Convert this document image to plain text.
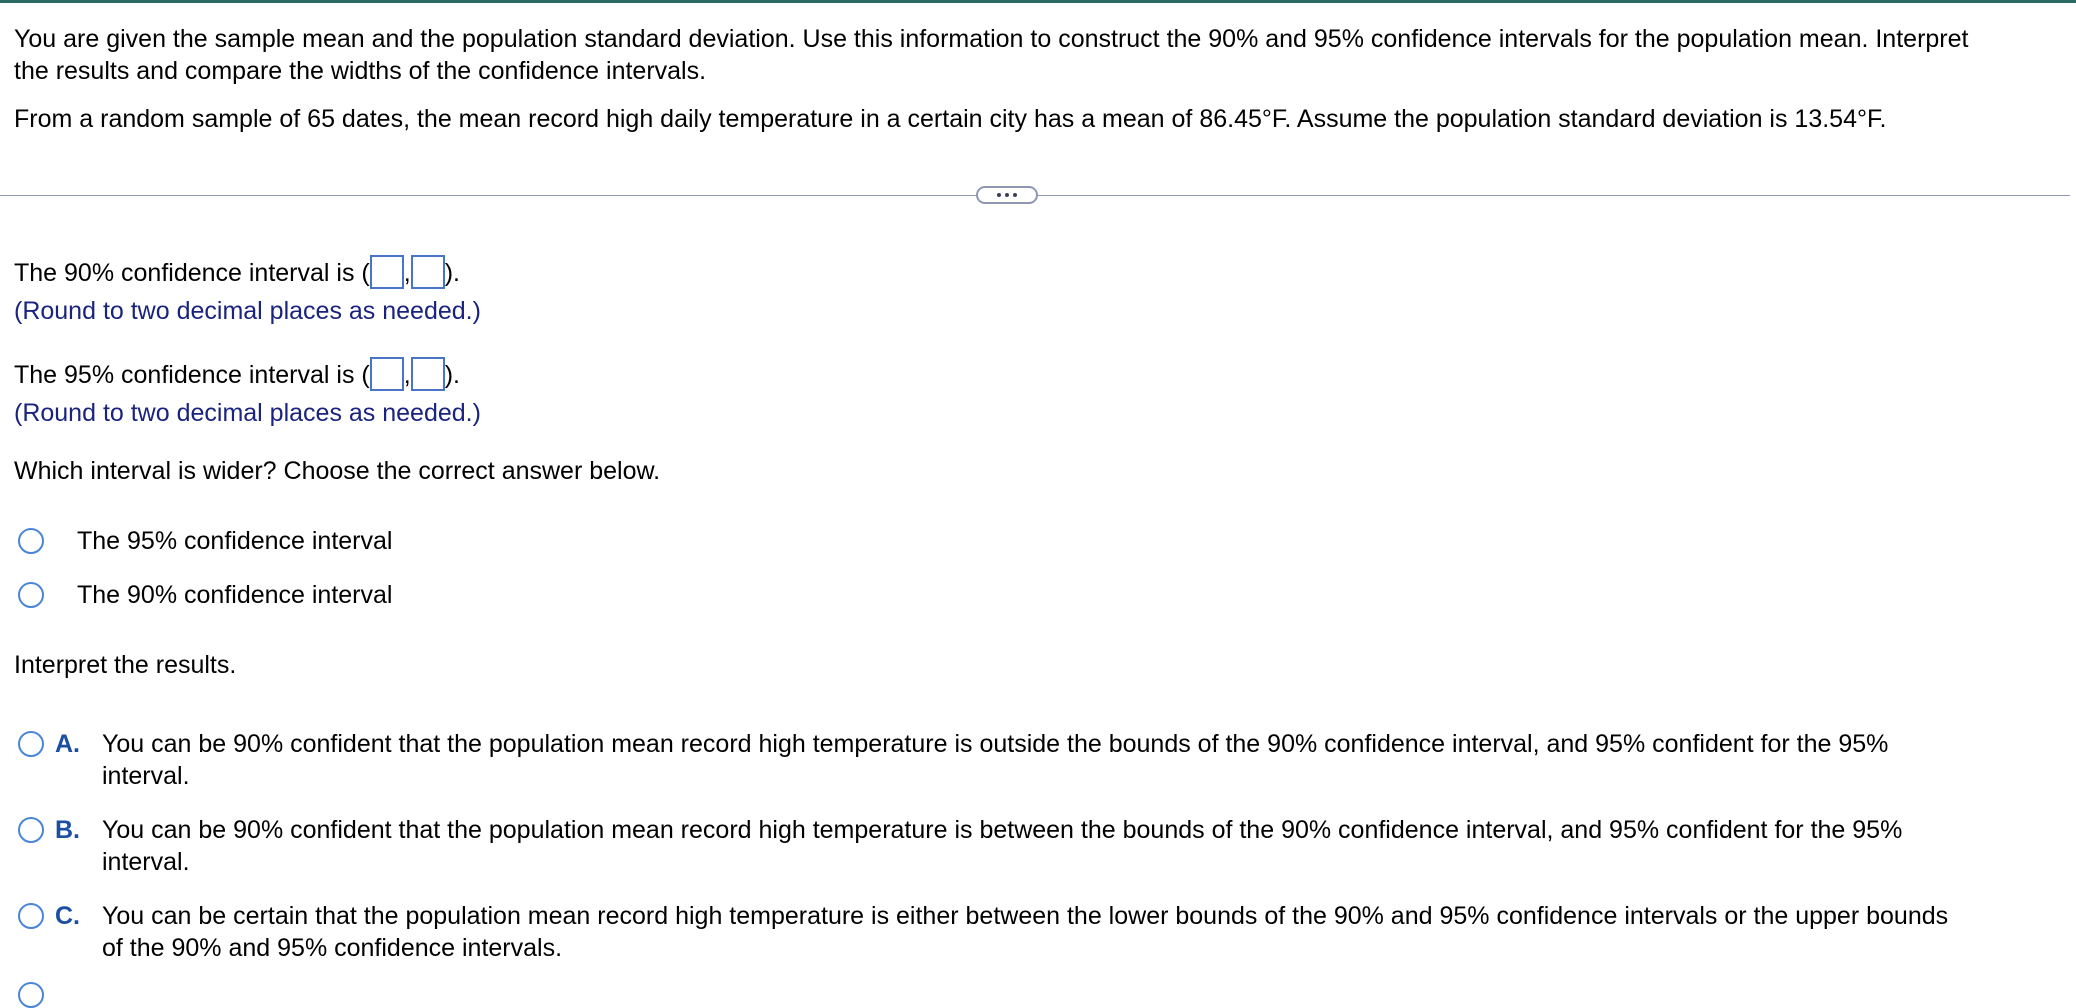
You are given the sample mean and the population standard deviation. Use this information to construct the 90% and 95% confidence intervals for the population mean. Interpret
the results and compare the widths of the confidence intervals.
From a random sample of 65 dates, the mean record high daily temperature in a certain city has a mean of 86.45°F. Assume the population standard deviation is 13.54°F.
The 90% confidence interval is ( , ).
(Round to two decimal places as needed.)
The 95% confidence interval is ( , ).
(Round to two decimal places as needed.)
Which interval is wider? Choose the correct answer below.
The 95% confidence interval
The 90% confidence interval
Interpret the results.
A. You can be 90% confident that the population mean record high temperature is outside the bounds of the 90% confidence interval, and 95% confident for the 95%
interval.
B. You can be 90% confident that the population mean record high temperature is between the bounds of the 90% confidence interval, and 95% confident for the 95%
interval.
C. You can be certain that the population mean record high temperature is either between the lower bounds of the 90% and 95% confidence intervals or the upper bounds
of the 90% and 95% confidence intervals.
